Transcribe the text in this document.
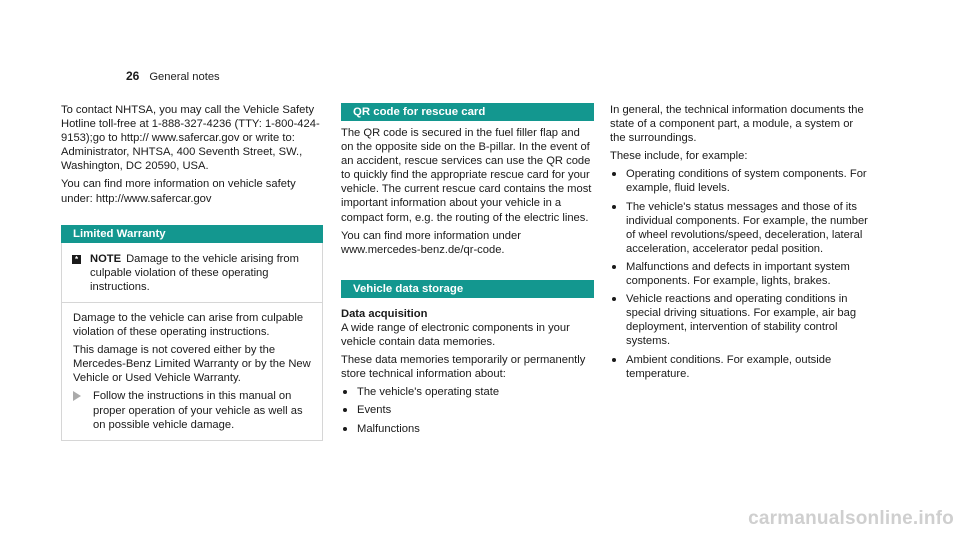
26 General notes

To contact NHTSA, you may call the Vehicle Safety Hotline toll-free at 1-888-327-4236 (TTY: 1-800-424-9153);go to http:// www.safercar.gov or write to: Administrator, NHTSA, 400 Seventh Street, SW., Washington, DC 20590, USA.

You can find more information on vehicle safety under: http://www.safercar.gov

Limited Warranty
* NOTE Damage to the vehicle arising from culpable violation of these operating instructions.

Damage to the vehicle can arise from culpable violation of these operating instructions.

This damage is not covered either by the Mercedes-Benz Limited Warranty or by the New Vehicle or Used Vehicle Warranty.

Follow the instructions in this manual on proper operation of your vehicle as well as on possible vehicle damage.
QR code for rescue card

The QR code is secured in the fuel filler flap and on the opposite side on the B-pillar. In the event of an accident, rescue services can use the QR code to quickly find the appropriate rescue card for your vehicle. The current rescue card contains the most important information about your vehicle in a compact form, e.g. the routing of the electric lines.

You can find more information under www.mercedes-benz.de/qr-code.

Vehicle data storage

Data acquisition

A wide range of electronic components in your vehicle contain data memories.

These data memories temporarily or permanently store technical information about:

The vehicle's operating state
Events
Malfunctions

In general, the technical information documents the state of a component part, a module, a system or the surroundings.

These include, for example:

Operating conditions of system components. For example, fluid levels.
The vehicle's status messages and those of its individual components. For example, the number of wheel revolutions/speed, deceleration, lateral acceleration, accelerator pedal position.
Malfunctions and defects in important system components. For example, lights, brakes.
Vehicle reactions and operating conditions in special driving situations. For example, air bag deployment, intervention of stability control systems.
Ambient conditions. For example, outside temperature.
carmanualsonline.info
